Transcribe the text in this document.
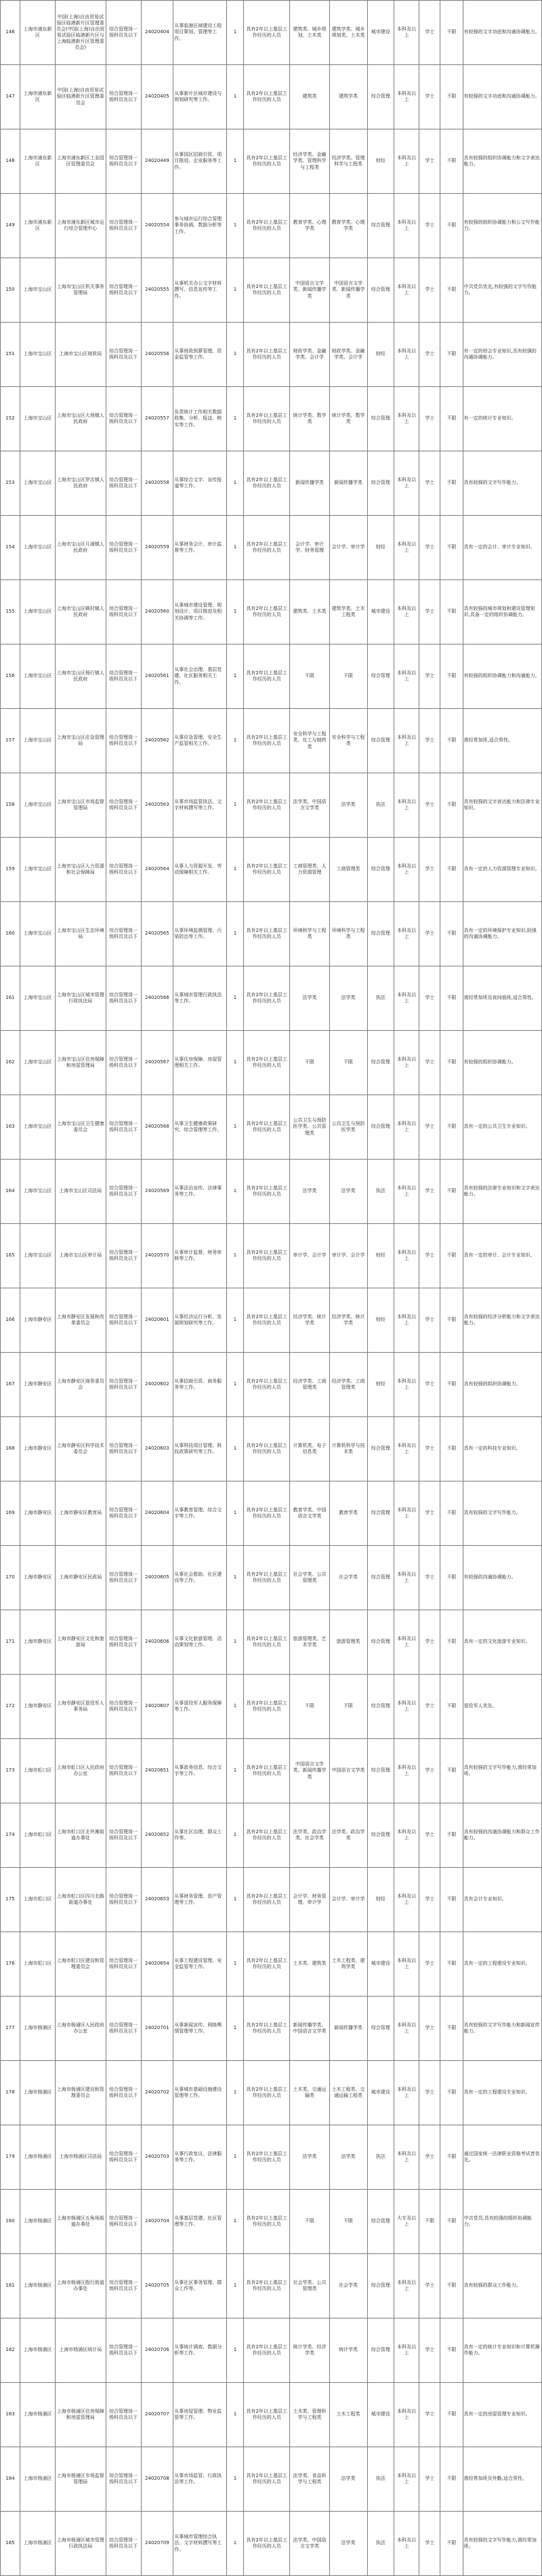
146	上海市浦东新区	中国(上海)自由贸易试验区临港新片区管理委员会(中国(上海)自由贸易试验区临港新片区与上海临港新片区管理委员会)	综合管理岗一级科员及以下	24020404	从事临港区域建设工程项目策划、管理等工作。	1	具有2年以上基层工作经历的人员	建筑类、城乡规划、土木类	建筑学类、城乡规划类、土木类	城市建设	本科及以上	学士	不限	有较强的文字功底和沟通协调能力。
147	上海市浦东新区	中国(上海)自由贸易试验区临港新片区管理委员会	综合管理岗一级科员及以下	24020405	从事新片区城市建设与规划研究等工作。	1	具有2年以上基层工作经历的人员	建筑类	建筑学类	综合管理	本科及以上	学士	不限	有较强的文字功底和沟通协调能力。
148	上海市浦东新区	上海市浦东新区工业园区管理委员会	综合管理岗一级科员及以下	24020449	从事园区招商引资、项目推进、企业服务等工作。	1	具有2年以上基层工作经历的人员	经济学类、金融学类、管理科学与工程类	经济学类、管理科学与工程类	财经	本科及以上	学士	不限	具有较强的组织协调能力和文字表达能力。
149	上海市浦东新区	上海市浦东新区城市运行综合管理中心	综合管理岗一级科员及以下	24020554	参与城市运行综合管理事务协调、数据分析等工作。	1	具有2年以上基层工作经历的人员	教育学类、心理学类	教育学类、心理学类	综合管理	本科及以上	学士	不限	有较强的组织协调能力和公文写作能力。
150	上海市宝山区	上海市宝山区机关事务管理局	综合管理岗一级科员及以下	24020555	从事机关办公文字材料撰写、信息宣传等工作。	1	具有2年以上基层工作经历的人员	中国语言文学类、新闻传播学类	中国语言文学类、新闻传播学类	综合管理	本科及以上	学士	不限	中共党员优先,有较强的文字写作能力。
151	上海市宝山区	上海市宝山区财政局	综合管理岗一级科员及以下	24020556	从事财政预算管理、资金监管等工作。	1	具有2年以上基层工作经历的人员	财政学类、金融学类、会计学	财政学类、金融学类、会计学	财经	本科及以上	学士	不限	有一定的财会专业知识,具有较强的沟通协调能力。
152	上海市宝山区	上海市宝山区大场镇人民政府	综合管理岗一级科员及以下	24020557	负责统计工作相关数据收集、分析、报送、核实等工作。	1	具有2年以上基层工作经历的人员	统计学类、数学类	统计学类、数学类	综合管理	本科及以上	学士	不限	有一定的统计专业知识。
153	上海市宝山区	上海市宝山区罗店镇人民政府	综合管理岗一级科员及以下	24020558	从事综合文字、宣传报道等工作。	1	具有2年以上基层工作经历的人员	新闻传播学类	新闻传播学类	综合管理	本科及以上	学士	不限	具有较强的文字写作能力。
154	上海市宝山区	上海市宝山区月浦镇人民政府	综合管理岗一级科员及以下	24020559	从事财务会计、审计监督等工作。	1	具有2年以上基层工作经历的人员	会计学、审计学、财务管理	会计学、审计学	财经	本科及以上	学士	不限	具有一定的会计、审计专业知识。
155	上海市宝山区	上海市宝山区顾村镇人民政府	综合管理岗一级科员及以下	24020560	从事城市建设管理、规划设计、项目推进及相关协调等工作。	1	具有2年以上基层工作经历的人员	建筑类、土木类	建筑学类、土木工程类	城市建设	本科及以上	学士	不限	具有较强的城市规划和建设管理知识,具备一定的组织协调能力。
156	上海市宝山区	上海市宝山区杨行镇人民政府	综合管理岗一级科员及以下	24020561	从事社会治理、基层党建、社区服务相关工作。	1	具有2年以上基层工作经历的人员	不限	不限	综合管理	本科及以上	学士	不限	有较强的组织协调能力和沟通能力。
157	上海市宝山区	上海市宝山区应急管理局	综合管理岗一级科员及以下	24020562	从事应急管理、安全生产监管相关工作。	1	具有2年以上基层工作经历的人员	安全科学与工程类、化工与制药类	安全科学与工程类	综合管理	本科及以上	学士	不限	需经常加班,适合男性。
158	上海市宝山区	上海市宝山区市场监督管理局	综合管理岗一级科员及以下	24020563	从事市场监管执法、文字材料撰写等工作。	1	具有2年以上基层工作经历的人员	法学类、中国语言文学类	法学类	执法	本科及以上	学士	不限	具有较强的文字表达能力和法律专业知识。
159	上海市宝山区	上海市宝山区人力资源和社会保障局	综合管理岗一级科员及以下	24020564	从事人力资源开发、劳动保障相关工作。	1	具有2年以上基层工作经历的人员	工商管理类、人力资源管理	工商管理类	综合管理	本科及以上	学士	不限	具有一定的人力资源管理专业知识。
160	上海市宝山区	上海市宝山区生态环境局	综合管理岗一级科员及以下	24020565	从事环境监测管理、污染防治等工作。	1	具有2年以上基层工作经历的人员	环境科学与工程类	环境科学与工程类	综合管理	本科及以上	学士	不限	具有一定的环境保护专业知识,较强的沟通协调能力。
161	上海市宝山区	上海市宝山区城市管理行政执法局	综合管理岗一级科员及以下	24020566	从事城市管理行政执法等工作。	1	具有2年以上基层工作经历的人员	法学类	法学类	执法	本科及以上	学士	不限	需经常加班及夜间值班,适合男性。
162	上海市宝山区	上海市宝山区住房保障和房屋管理局	综合管理岗一级科员及以下	24020567	从事住房保障、房屋管理相关工作。	1	具有2年以上基层工作经历的人员	不限	不限	综合管理	本科及以上	学士	不限	有较强的组织协调能力。
163	上海市宝山区	上海市宝山区卫生健康委员会	综合管理岗一级科员及以下	24020568	从事卫生健康政策研究、综合管理等工作。	1	具有2年以上基层工作经历的人员	公共卫生与预防医学类、公共管理类	公共卫生与预防医学类	综合管理	本科及以上	学士	不限	具有一定的公共卫生专业知识。
164	上海市宝山区	上海市宝山区司法局	综合管理岗一级科员及以下	24020569	从事法治宣传、法律事务等工作。	1	具有2年以上基层工作经历的人员	法学类	法学类	执法	本科及以上	学士	不限	具有较强的法律专业知识和文字表达能力。
165	上海市宝山区	上海市宝山区审计局	综合管理岗一级科员及以下	24020570	从事审计监督、财务审核等工作。	1	具有2年以上基层工作经历的人员	审计学、会计学	审计学、会计学	财经	本科及以上	学士	不限	具有一定的审计、会计专业知识。
166	上海市静安区	上海市静安区发展和改革委员会	综合管理岗一级科员及以下	24020601	从事经济运行分析、发展规划研究等工作。	1	具有2年以上基层工作经历的人员	经济学类、统计学类	经济学类、统计学类	财经	本科及以上	学士	不限	具有较强的经济分析能力和文字表达能力。
167	上海市静安区	上海市静安区商务委员会	综合管理岗一级科员及以下	24020602	从事招商引资、商务服务等工作。	1	具有2年以上基层工作经历的人员	经济学类、工商管理类	经济学类、工商管理类	财经	本科及以上	学士	不限	具有较强的组织协调能力。
168	上海市静安区	上海市静安区科学技术委员会	综合管理岗一级科员及以下	24020603	从事科技项目管理、科技政策研究等工作。	1	具有2年以上基层工作经历的人员	计算机类、电子信息类	计算机科学与技术类	综合管理	本科及以上	学士	不限	具有一定的科技专业知识。
169	上海市静安区	上海市静安区教育局	综合管理岗一级科员及以下	24020604	从事教育管理、综合文字等工作。	1	具有2年以上基层工作经历的人员	教育学类、中国语言文学类	教育学类	综合管理	本科及以上	学士	不限	具有较强的文字写作能力。
170	上海市静安区	上海市静安区民政局	综合管理岗一级科员及以下	24020605	从事社会救助、社区建设等工作。	1	具有2年以上基层工作经历的人员	社会学类、公共管理类	社会学类	综合管理	本科及以上	学士	不限	有较强的沟通协调能力。
171	上海市静安区	上海市静安区文化和旅游局	综合管理岗一级科员及以下	24020606	从事文化旅游管理、活动策划等工作。	1	具有2年以上基层工作经历的人员	旅游管理类、艺术学类	旅游管理类	综合管理	本科及以上	学士	不限	具有一定的文化旅游专业知识。
172	上海市静安区	上海市静安区退役军人事务局	综合管理岗一级科员及以下	24020607	从事退役军人服务保障等工作。	1	具有2年以上基层工作经历的人员	不限	不限	综合管理	本科及以上	学士	不限	退役军人优先。
173	上海市虹口区	上海市虹口区人民政府办公室	综合管理岗一级科员及以下	24020651	从事政务信息、综合文字等工作。	1	具有2年以上基层工作经历的人员	中国语言文学类、新闻传播学类	中国语言文学类	综合管理	本科及以上	学士	不限	具有较强的文字写作能力,需经常加班。
174	上海市虹口区	上海市虹口区北外滩街道办事处	综合管理岗一级科员及以下	24020652	从事社区治理、群众工作等。	1	具有2年以上基层工作经历的人员	法学类、政治学类、社会学类	法学类、政治学类	综合管理	本科及以上	学士	不限	具有较强的沟通协调能力和群众工作能力。
175	上海市虹口区	上海市虹口区四川北路街道办事处	综合管理岗一级科员及以下	24020653	从事财务管理、资产管理等工作。	1	具有2年以上基层工作经历的人员	会计学、财务管理、审计学	会计学、审计学	财经	本科及以上	学士	不限	具有会计专业知识。
176	上海市虹口区	上海市虹口区建设和管理委员会	综合管理岗一级科员及以下	24020654	从事工程建设管理、安全监管等工作。	1	具有2年以上基层工作经历的人员	土木类、建筑类	土木工程类、建筑学类	城市建设	本科及以上	学士	不限	具有一定的工程建设专业知识。
177	上海市杨浦区	上海市杨浦区人民政府办公室	综合管理岗一级科员及以下	24020701	从事新闻宣传、网络舆情管理等工作。	1	具有2年以上基层工作经历的人员	新闻传播学类、中国语言文学类	新闻传播学类	综合管理	本科及以上	学士	不限	具有较强的文字写作能力和新闻宣传能力。
178	上海市杨浦区	上海市杨浦区建设和管理委员会	综合管理岗一级科员及以下	24020702	从事城市基础设施建设管理等工作。	1	具有2年以上基层工作经历的人员	土木类、交通运输类	土木工程类、交通运输工程类	城市建设	本科及以上	学士	不限	具有一定的工程建设专业知识。
179	上海市杨浦区	上海市杨浦区司法局	综合管理岗一级科员及以下	24020703	从事行政复议、法律服务等工作。	1	具有2年以上基层工作经历的人员	法学类	法学类	执法	本科及以上	学士	不限	通过国家统一法律职业资格考试者优先。
180	上海市杨浦区	上海市杨浦区五角场街道办事处	综合管理岗一级科员及以下	24020704	从事基层党建、社区管理等工作。	1	具有2年以上基层工作经历的人员	不限	不限	综合管理	大专及以上	不限	不限	中共党员,具有较强的组织协调能力。
181	上海市杨浦区	上海市杨浦区殷行街道办事处	综合管理岗一级科员及以下	24020705	从事社区事务管理、群众工作等。	1	具有2年以上基层工作经历的人员	社会学类、公共管理类	社会学类	综合管理	本科及以上	学士	不限	具有较强的群众工作能力。
182	上海市杨浦区	上海市杨浦区统计局	综合管理岗一级科员及以下	24020706	从事统计调查、数据分析等工作。	1	具有2年以上基层工作经历的人员	统计学类、经济学类	统计学类	综合管理	本科及以上	学士	不限	具有一定的统计专业知识和计算机操作能力。
183	上海市杨浦区	上海市杨浦区住房保障和房屋管理局	综合管理岗一级科员及以下	24020707	从事房屋管理、物业监管等工作。	1	具有2年以上基层工作经历的人员	土木类、管理科学与工程类	土木工程类	城市建设	本科及以上	学士	不限	具有一定的房屋管理专业知识。
184	上海市杨浦区	上海市杨浦区市场监督管理局	综合管理岗一级科员及以下	24020708	从事市场监管、行政执法等工作。	1	具有2年以上基层工作经历的人员	法学类、食品科学与工程类	法学类	执法	本科及以上	学士	不限	需经常加班及外勤,适合男性。
185	上海市杨浦区	上海市杨浦区城市管理行政执法局	综合管理岗一级科员及以下	24020709	从事城市管理综合执法、文字材料撰写等工作。	1	具有2年以上基层工作经历的人员	法学类、中国语言文学类	法学类	执法	本科及以上	学士	不限	具有较强的文字写作能力,需经常加班。
